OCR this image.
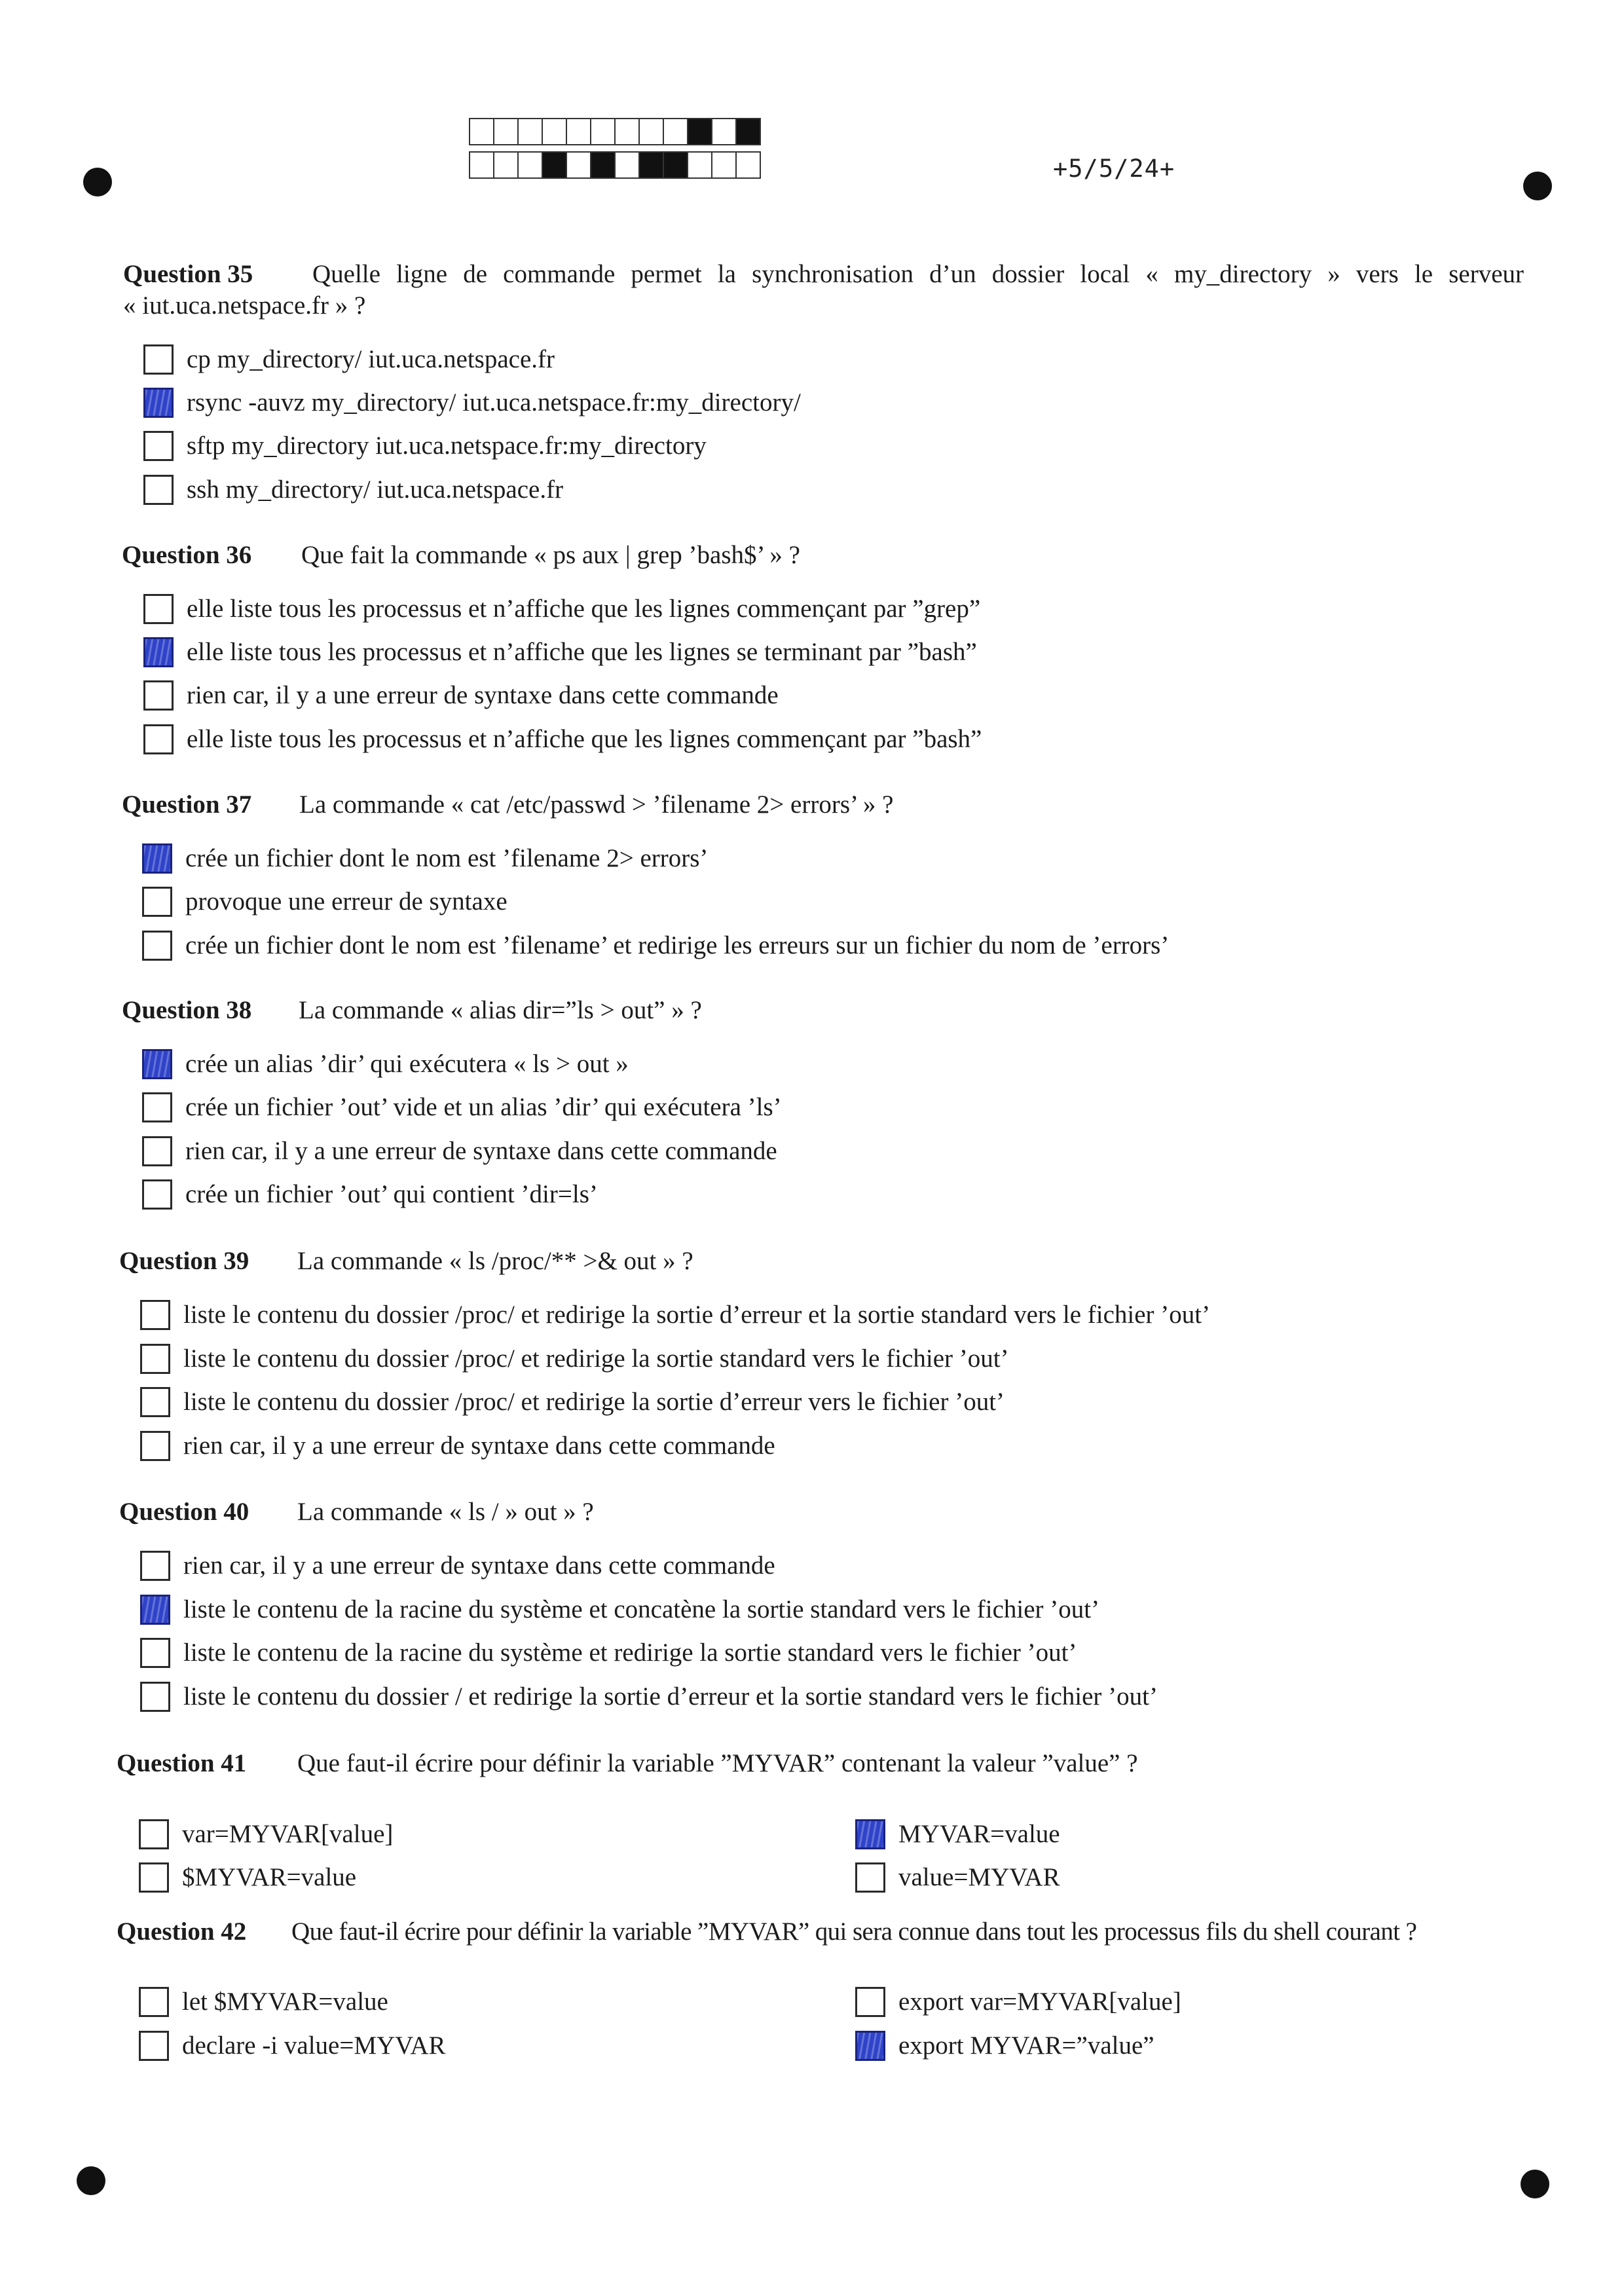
+5/5/24+
Question 35 Quelle ligne de commande permet la synchronisation d’un dossier local « my_directory » vers le serveur
« iut.uca.netspace.fr » ?
cp my_directory/ iut.uca.netspace.fr
rsync -auvz my_directory/ iut.uca.netspace.fr:my_directory/
sftp my_directory iut.uca.netspace.fr:my_directory
ssh my_directory/ iut.uca.netspace.fr
Question 36 Que fait la commande « ps aux | grep ’bash$’ » ?
elle liste tous les processus et n’affiche que les lignes commençant par ”grep”
elle liste tous les processus et n’affiche que les lignes se terminant par ”bash”
rien car, il y a une erreur de syntaxe dans cette commande
elle liste tous les processus et n’affiche que les lignes commençant par ”bash”
Question 37 La commande « cat /etc/passwd > ’filename 2> errors’ » ?
crée un fichier dont le nom est ’filename 2> errors’
provoque une erreur de syntaxe
crée un fichier dont le nom est ’filename’ et redirige les erreurs sur un fichier du nom de ’errors’
Question 38 La commande « alias dir=”ls > out” » ?
crée un alias ’dir’ qui exécutera « ls > out »
crée un fichier ’out’ vide et un alias ’dir’ qui exécutera ’ls’
rien car, il y a une erreur de syntaxe dans cette commande
crée un fichier ’out’ qui contient ’dir=ls’
Question 39 La commande « ls /proc/** >& out » ?
liste le contenu du dossier /proc/ et redirige la sortie d’erreur et la sortie standard vers le fichier ’out’
liste le contenu du dossier /proc/ et redirige la sortie standard vers le fichier ’out’
liste le contenu du dossier /proc/ et redirige la sortie d’erreur vers le fichier ’out’
rien car, il y a une erreur de syntaxe dans cette commande
Question 40 La commande « ls / » out » ?
rien car, il y a une erreur de syntaxe dans cette commande
liste le contenu de la racine du système et concatène la sortie standard vers le fichier ’out’
liste le contenu de la racine du système et redirige la sortie standard vers le fichier ’out’
liste le contenu du dossier / et redirige la sortie d’erreur et la sortie standard vers le fichier ’out’
Question 41 Que faut-il écrire pour définir la variable ”MYVAR” contenant la valeur ”value” ?
var=MYVAR[value]
$MYVAR=value
MYVAR=value
value=MYVAR
Question 42 Que faut-il écrire pour définir la variable ”MYVAR” qui sera connue dans tout les processus fils du shell courant ?
let $MYVAR=value
declare -i value=MYVAR
export var=MYVAR[value]
export MYVAR=”value”
